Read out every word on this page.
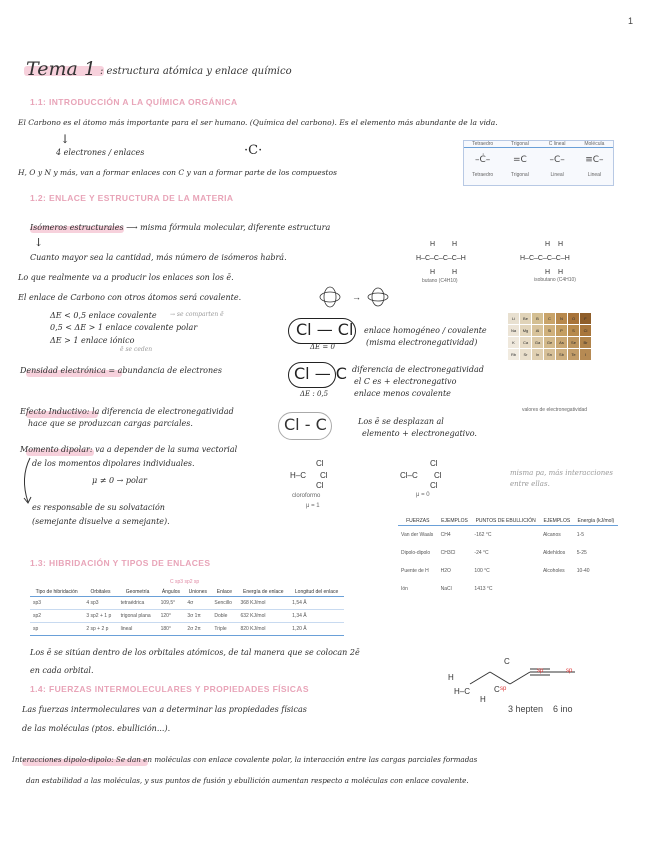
1
Tema 1 : estructura atómica y enlace químico
1.1: INTRODUCCIÓN A LA QUÍMICA ORGÁNICA
El Carbono es el átomo más importante para el ser humano. (Química del carbono). Es el elemento más abundante de la vida.
↓
4 electrones / enlaces	·C·
H, O y N y más, van a formar enlaces con C y van a formar parte de los compuestos
Tetraedro	Trigonal	C lineal	Molécula
–Ċ–	=C	–C–	≡C–
Tetraedro	Trigonal	Lineal	Lineal
1.2: ENLACE Y ESTRUCTURA DE LA MATERIA
Isómeros estructurales ⟶ misma fórmula molecular, diferente estructura
↓
Cuanto mayor sea la cantidad, más número de isómeros habrá.	H–C–C–C–C–H
H H
H H
H–C–C–C–C–H
H H
H H
butano (C4H10)	isobutano (C4H10)
Lo que realmente va a producir los enlaces son los ē.
El enlace de Carbono con otros átomos será covalente.	→
ΔE < 0,5 enlace covalente → se comparten ē
0,5 < ΔE > 1 enlace covalente polar
ΔE > 1 enlace iónico
ē se ceden
Cl — Cl
ΔE = 0
enlace homogéneo / covalente
(misma electronegatividad)
Li	Be	B	C	N	O	F
Na	Mg	Al	Si	P	S	Cl
K	Ca	Ga	Ge	As	Se	Br
Rb	Sr	In	Sn	Sb	Te	I
valores de electronegatividad
Densidad electrónica = abundancia de electrones	Cl — C
ΔE : 0,5
diferencia de electronegatividad
el C es + electronegativo
enlace menos covalente
Efecto Inductivo: la diferencia de electronegatividad
hace que se produzcan cargas parciales.	Cl - C	Los ē se desplazan al
elemento + electronegativo.
Momento dipolar: va a depender de la suma vectorial
de los momentos dipolares individuales.
μ ≠ 0 → polar
es responsable de su solvatación
(semejante disuelve a semejante).
H–C
Cl
Cl
Cl
Cl–C
Cl
Cl
Cl
cloroformo
μ = 1
μ = 0
misma pa, más interacciones entre ellas.
FUERZAS	EJEMPLOS	PUNTOS DE EBULLICIÓN	EJEMPLOS	Energía (kJ/mol)
Van der Waals	CH4	-162 °C	Alcanos	1-5
Dipolo-dipolo	CH3Cl	-24 °C	Aldehídos	5-25
Puente de H	H2O	100 °C	Alcoholes	10-40
Ión	NaCl	1413 °C		
1.3: HIBRIDACIÓN Y TIPOS DE ENLACES
C sp3 sp2 sp
Tipo de hibridación	Orbitales	Geometría	Ángulos	Uniones	Enlace	Energía de enlace	Longitud del enlace
sp3	4 sp3	tetraédrica	109,5°	4σ	Sencillo	368 KJ/mol	1,54 Å
sp2	3 sp2 + 1 p	trigonal plana	120°	3σ 1π	Doble	632 KJ/mol	1,34 Å
sp	2 sp + 2 p	lineal	180°	2σ 2π	Triple	820 KJ/mol	1,20 Å
Los ē se sitúan dentro de los orbitales atómicos, de tal manera que se colocan 2ē
en cada orbital.
1.4: FUERZAS INTERMOLECULARES Y PROPIEDADES FÍSICAS
Las fuerzas intermoleculares van a determinar las propiedades físicas
de las moléculas (ptos. ebullición...).
H
H–C
H
C
C
sp
sp	sp
3 hepten 6 ino
Interacciones dipolo-dipolo: Se dan en moléculas con enlace covalente polar, la interacción entre las cargas parciales formadas
dan estabilidad a las moléculas, y sus puntos de fusión y ebullición aumentan respecto a moléculas con enlace covalente.
